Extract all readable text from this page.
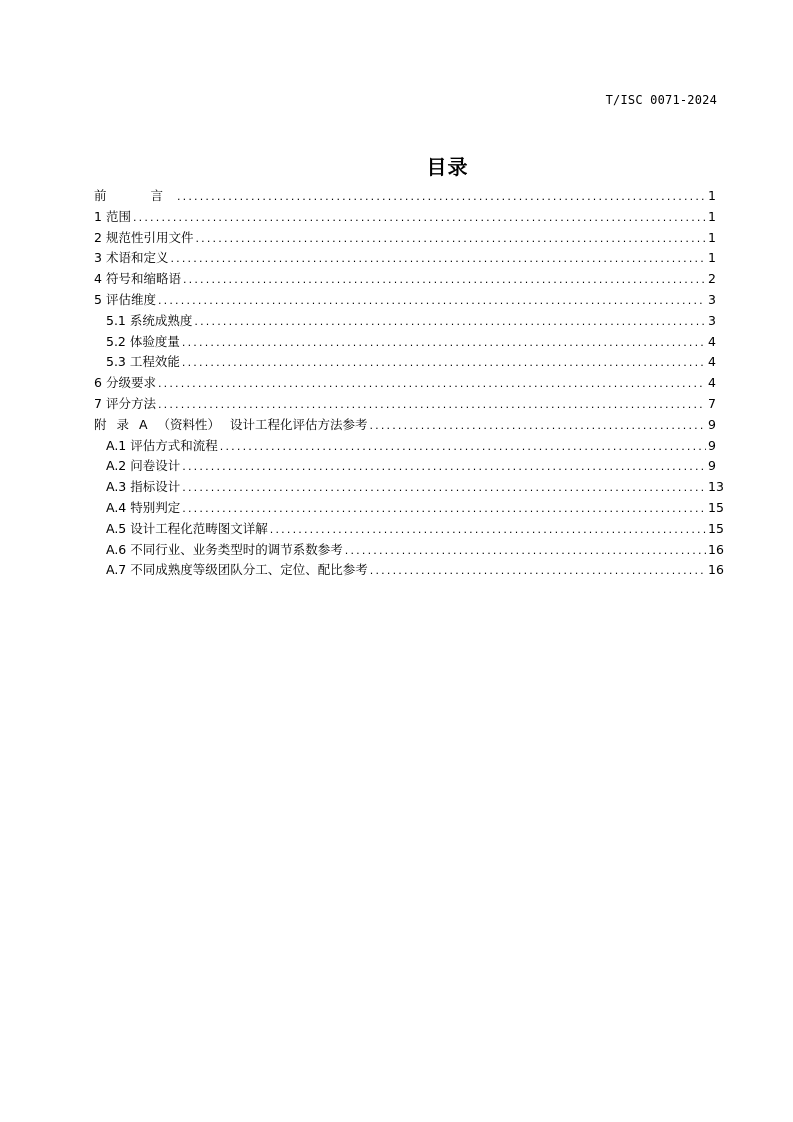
T/ISC 0071-2024
目录
前  言 .....	1
1 范围 .....	1
2 规范性引用文件 .....	1
3 术语和定义 .....	1
4 符号和缩略语 .....	2
5 评估维度 .....	3
5.1 系统成熟度 .....	3
5.2 体验度量 .....	4
5.3 工程效能 .....	4
6 分级要求 .....	4
7 评分方法 .....	7
附 录 A （资料性） 设计工程化评估方法参考 .....	9
A.1 评估方式和流程 .....	9
A.2 问卷设计 .....	9
A.3 指标设计 .....	13
A.4 特别判定 .....	15
A.5 设计工程化范畴图文详解 .....	15
A.6 不同行业、业务类型时的调节系数参考 .....	16
A.7 不同成熟度等级团队分工、定位、配比参考 .....	16
